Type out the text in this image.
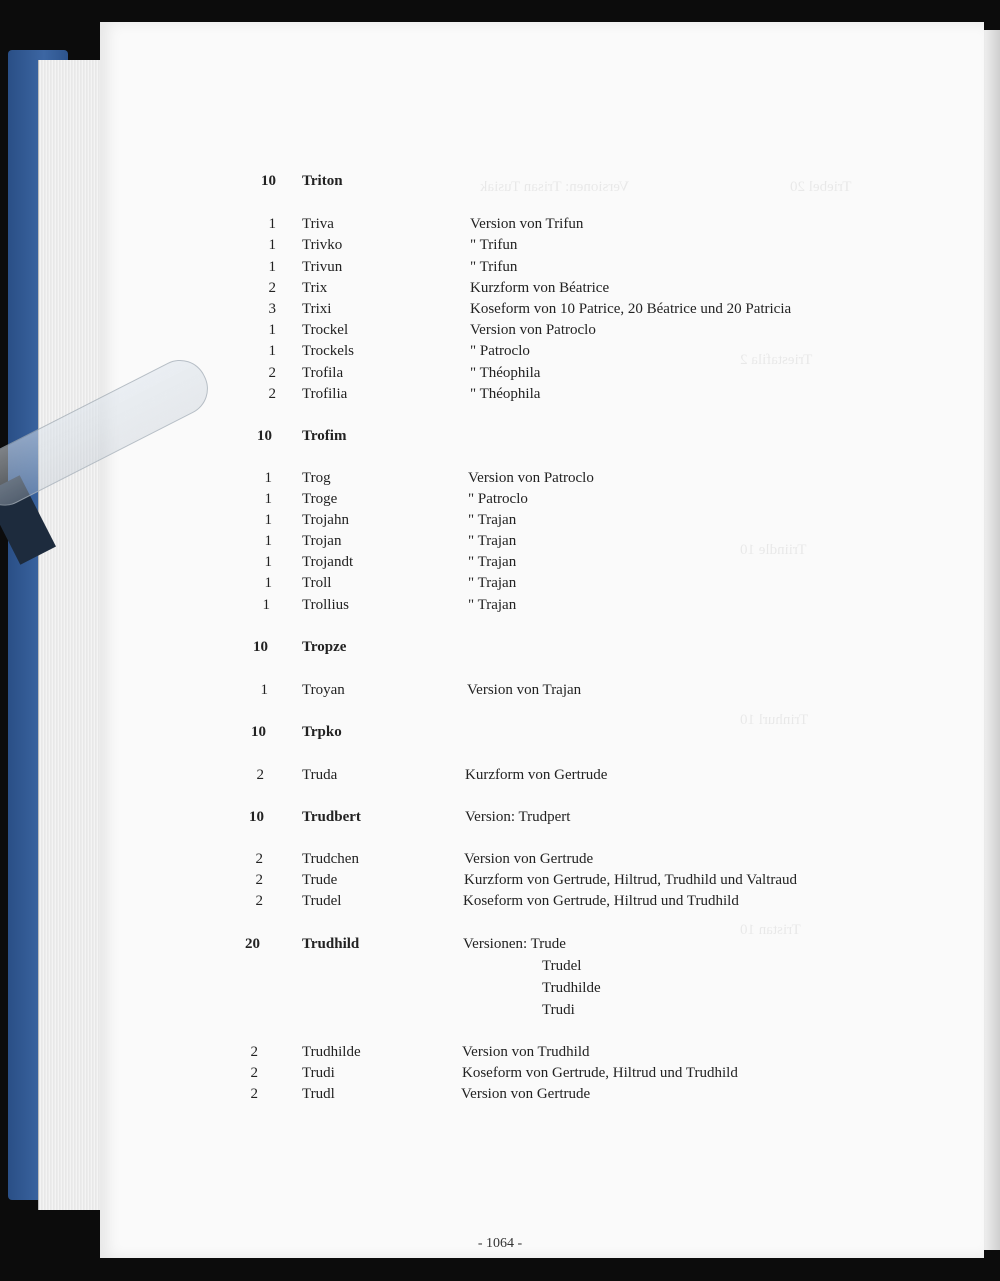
Triebel 20
Versionen: Trisan Tusiak
Triestafila 2
Triindle 10
Trinhurl 10
Tristan 10
10 Triton
1 Triva	Version von Trifun
1 Trivko	" Trifun
1 Trivun	" Trifun
2 Trix	Kurzform von Béatrice
3 Trixi	Koseform von 10 Patrice, 20 Béatrice und 20 Patricia
1 Trockel	Version von Patroclo
1 Trockels	" Patroclo
2 Trofila	" Théophila
2 Trofilia	" Théophila
10 Trofim
1 Trog	Version von Patroclo
1 Troge	" Patroclo
1 Trojahn	" Trajan
1 Trojan	" Trajan
1 Trojandt	" Trajan
1 Troll	" Trajan
1 Trollius	" Trajan
10 Tropze
1 Troyan	Version von Trajan
10 Trpko
2	Truda	Kurzform von Gertrude
10	Trudbert	Version: Trudpert
2	Trudchen	Version von Gertrude
2	Trude	Kurzform von Gertrude, Hiltrud, Trudhild und Valtraud
2	Trudel	Koseform von Gertrude, Hiltrud und Trudhild
20	Trudhild	Versionen: Trude
Trudel
Trudhilde
Trudi
2	Trudhilde	Version von Trudhild
2	Trudi	Koseform von Gertrude, Hiltrud und Trudhild
2	Trudl	Version von Gertrude
- 1064 -
